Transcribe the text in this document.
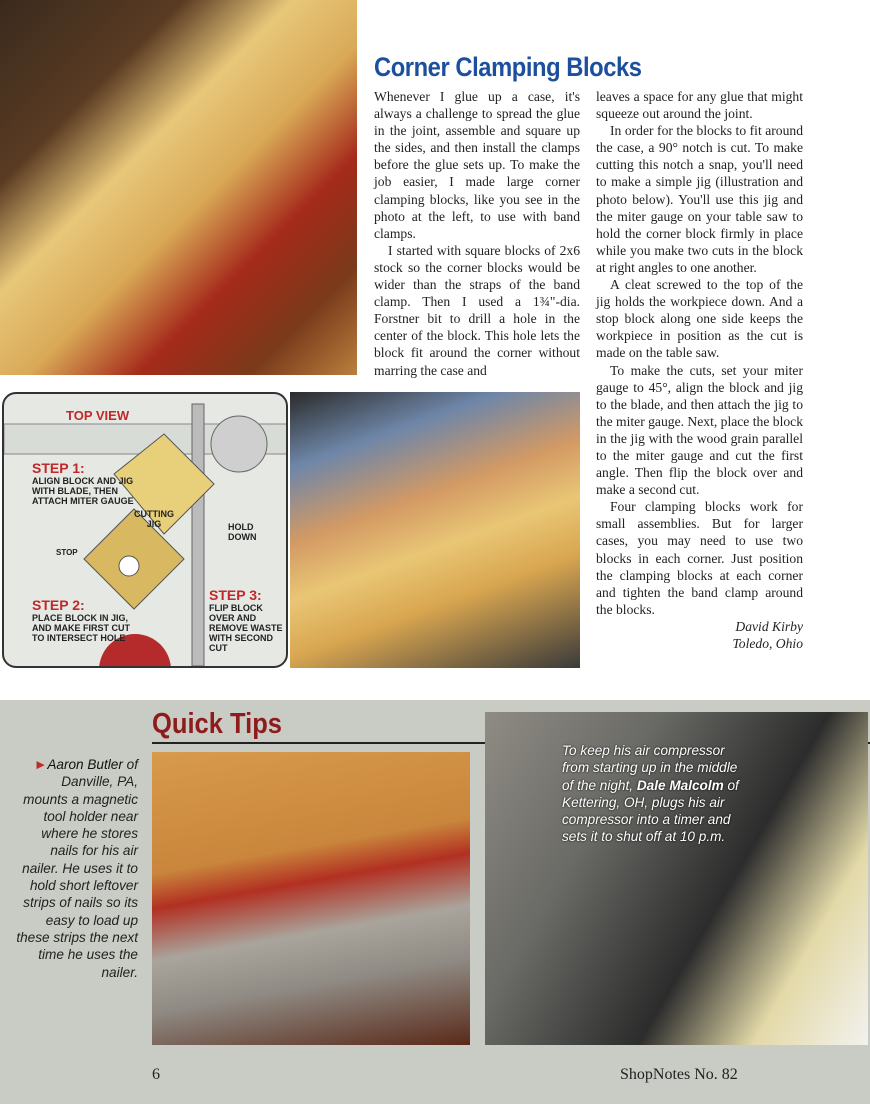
Corner Clamping Blocks

Whenever I glue up a case, it's always a challenge to spread the glue in the joint, assemble and square up the sides, and then install the clamps before the glue sets up. To make the job easier, I made large corner clamping blocks, like you see in the photo at the left, to use with band clamps.

I started with square blocks of 2x6 stock so the corner blocks would be wider than the straps of the band clamp. Then I used a 1¾"-dia. Forstner bit to drill a hole in the center of the block. This hole lets the block fit around the corner without marring the case and

leaves a space for any glue that might squeeze out around the joint.

In order for the blocks to fit around the case, a 90° notch is cut. To make cutting this notch a snap, you'll need to make a simple jig (illustration and photo below). You'll use this jig and the miter gauge on your table saw to hold the corner block firmly in place while you make two cuts in the block at right angles to one another.

A cleat screwed to the top of the jig holds the workpiece down. And a stop block along one side keeps the workpiece in position as the cut is made on the table saw.

To make the cuts, set your miter gauge to 45°, align the block and jig to the blade, and then attach the jig to the miter gauge. Next, place the block in the jig with the wood grain parallel to the miter gauge and cut the first angle. Then flip the block over and make a second cut.

Four clamping blocks work for small assemblies. But for larger cases, you may need to use two blocks in each corner. Just position the clamping blocks at each corner and tighten the band clamp around the blocks.

David Kirby

Toledo, Ohio

TOP VIEW
STEP 1:
ALIGN BLOCK AND JIG WITH BLADE, THEN ATTACH MITER GAUGE
STEP 2:
PLACE BLOCK IN JIG, AND MAKE FIRST CUT TO INTERSECT HOLE
STEP 3:
FLIP BLOCK OVER AND REMOVE WASTE WITH SECOND CUT
CUTTING JIG	HOLD DOWN
STOP
Quick Tips
►Aaron Butler of Danville, PA, mounts a magnetic tool holder near where he stores nails for his air nailer. He uses it to hold short leftover strips of nails so its easy to load up these strips the next time he uses the nailer.
To keep his air compressor from starting up in the middle of the night, Dale Malcolm of Kettering, OH, plugs his air compressor into a timer and sets it to shut off at 10 p.m.
6	ShopNotes No. 82
